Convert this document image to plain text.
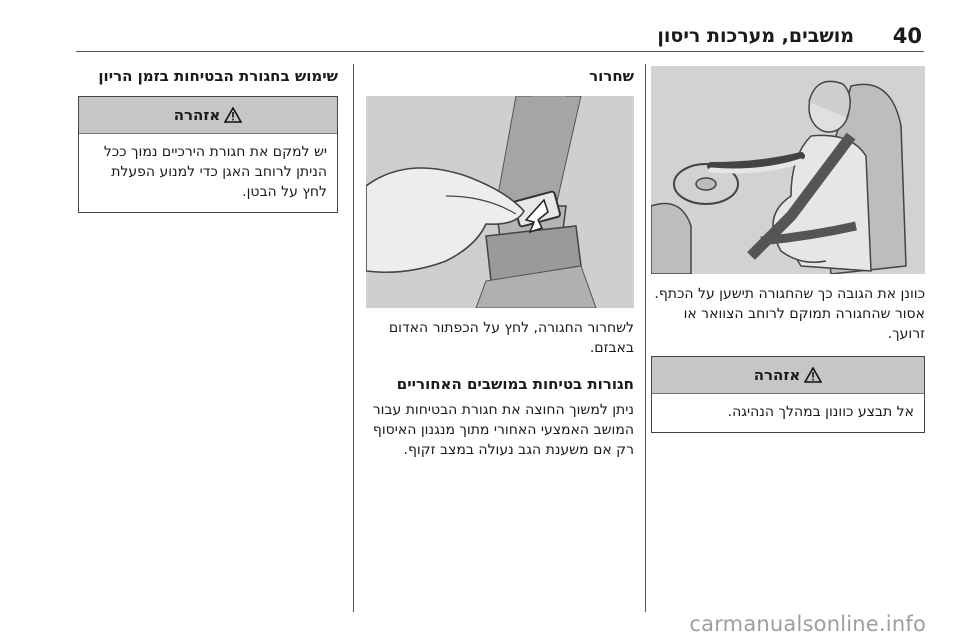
40
מושבים, מערכות ריסון

כוונן את הגובה כך שהחגורה תישען על הכתף. אסור שהחגורה תמוקם לרוחב הצוואר או זרועך.

אזהרה
אל תבצע כוונון במהלך הנהיגה.
שחרור

לשחרור החגורה, לחץ על הכפתור האדום באבזם.

חגורות בטיחות במושבים האחוריים

ניתן למשוך החוצה את חגורת הבטיחות עבור המושב האמצעי האחורי מתוך מנגנון האיסוף רק אם משענת הגב נעולה במצב זקוף.

שימוש בחגורת הבטיחות בזמן הריון
אזהרה
יש למקם את חגורת הירכיים נמוך ככל הניתן לרוחב האגן כדי למנוע הפעלת לחץ על הבטן.
carmanualsonline.info
